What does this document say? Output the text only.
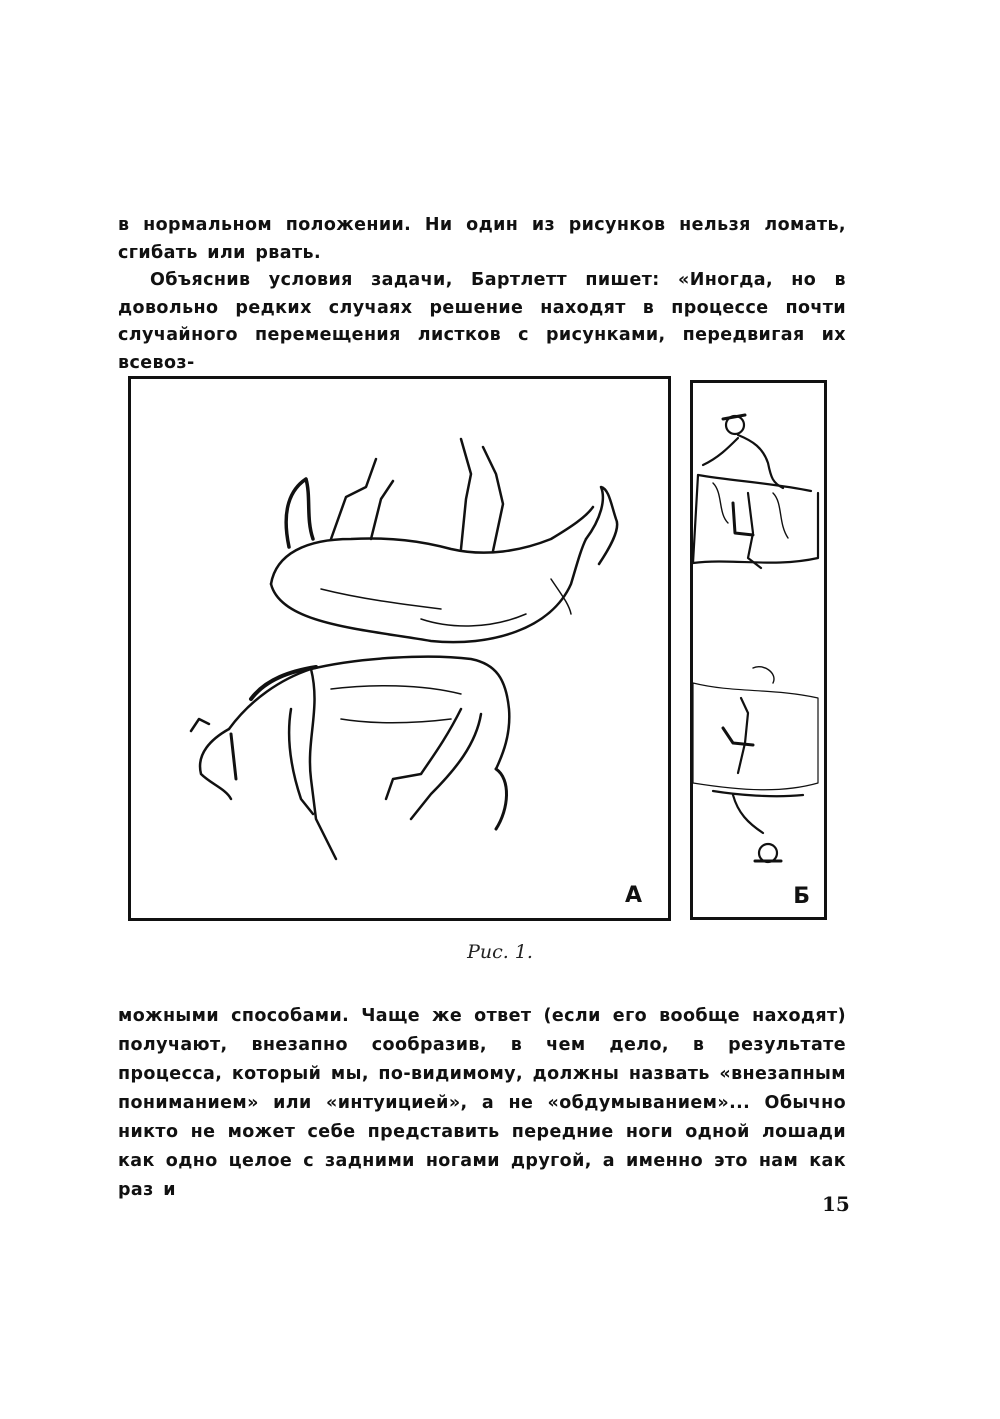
в нормальном положении. Ни один из рисунков нельзя ломать, сгибать или рвать.

Объяснив условия задачи, Бартлетт пишет: «Иногда, но в довольно редких случаях решение находят в процессе почти случайного перемещения листков с рисунками, передвигая их всевоз-

А	Б
Рис. 1.

можными способами. Чаще же ответ (если его вообще находят) получают, внезапно сообразив, в чем дело, в результате процесса, который мы, по-видимому, должны назвать «внезапным пониманием» или «интуицией», а не «обдумыванием»... Обычно никто не может себе представить передние ноги одной лошади как одно целое с задними ногами другой, а именно это нам как раз и

15
